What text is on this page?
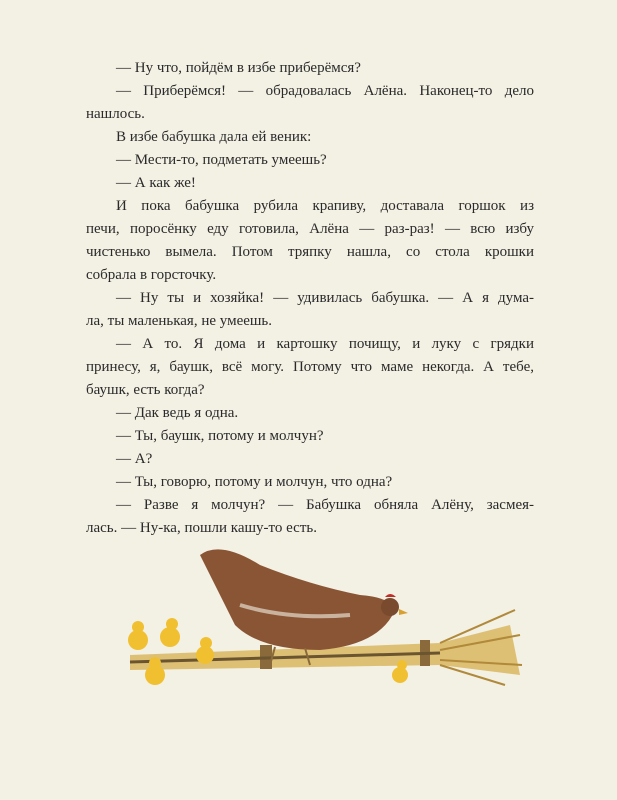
— Ну что, пойдём в избе приберёмся?
— Приберёмся! — обрадовалась Алёна. Наконец-то дело
нашлось.
В избе бабушка дала ей веник:
— Мести-то, подметать умеешь?
— А как же!
И пока бабушка рубила крапиву, доставала горшок из
печи, поросёнку еду готовила, Алёна — раз-раз! — всю избу
чистенько вымела. Потом тряпку нашла, со стола крошки
собрала в горсточку.
— Ну ты и хозяйка! — удивилась бабушка. — А я дума-
ла, ты маленькая, не умеешь.
— А то. Я дома и картошку почищу, и луку с грядки
принесу, я, баушк, всё могу. Потому что маме некогда. А тебе,
баушк, есть когда?
— Дак ведь я одна.
— Ты, баушк, потому и молчун?
— А?
— Ты, говорю, потому и молчун, что одна?
— Разве я молчун? — Бабушка обняла Алёну, засмея-
лась. — Ну-ка, пошли кашу-то есть.
